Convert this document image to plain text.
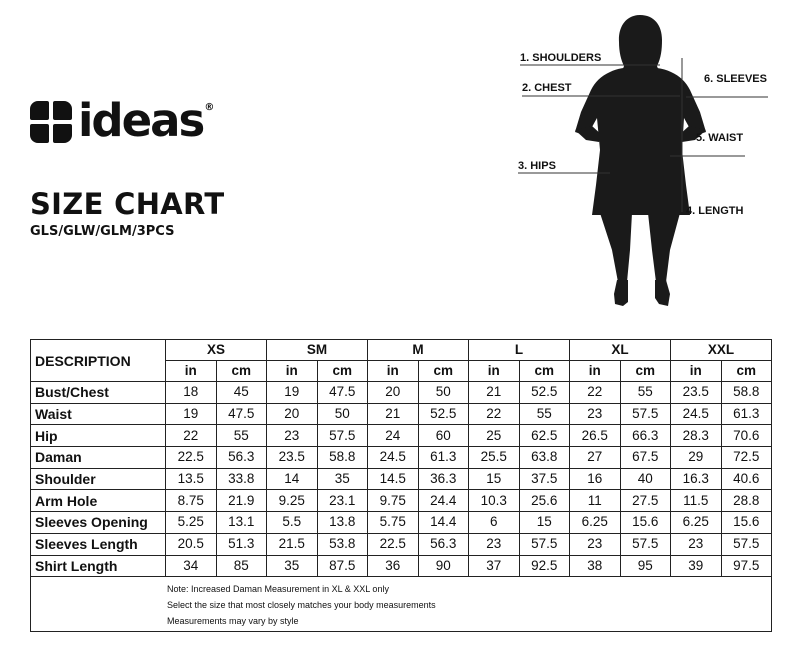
ideas ®
SIZE CHART
GLS/GLW/GLM/3PCS
1. SHOULDERS
2. CHEST
3. HIPS
4. LENGTH
5. WAIST
6. SLEEVES
DESCRIPTION	XS		SM		M		L		XL		XXL	
	in	cm	in	cm	in	cm	in	cm	in	cm	in	cm
Bust/Chest	18	45	19	47.5	20	50	21	52.5	22	55	23.5	58.8
Waist	19	47.5	20	50	21	52.5	22	55	23	57.5	24.5	61.3
Hip	22	55	23	57.5	24	60	25	62.5	26.5	66.3	28.3	70.6
Daman	22.5	56.3	23.5	58.8	24.5	61.3	25.5	63.8	27	67.5	29	72.5
Shoulder	13.5	33.8	14	35	14.5	36.3	15	37.5	16	40	16.3	40.6
Arm Hole	8.75	21.9	9.25	23.1	9.75	24.4	10.3	25.6	11	27.5	11.5	28.8
Sleeves Opening	5.25	13.1	5.5	13.8	5.75	14.4	6	15	6.25	15.6	6.25	15.6
Sleeves Length	20.5	51.3	21.5	53.8	22.5	56.3	23	57.5	23	57.5	23	57.5
Shirt Length	34	85	35	87.5	36	90	37	92.5	38	95	39	97.5

Note: Increased Daman Measurement in XL & XXL only
Select the size that most closely matches your body measurements
Measurements may vary by style												
